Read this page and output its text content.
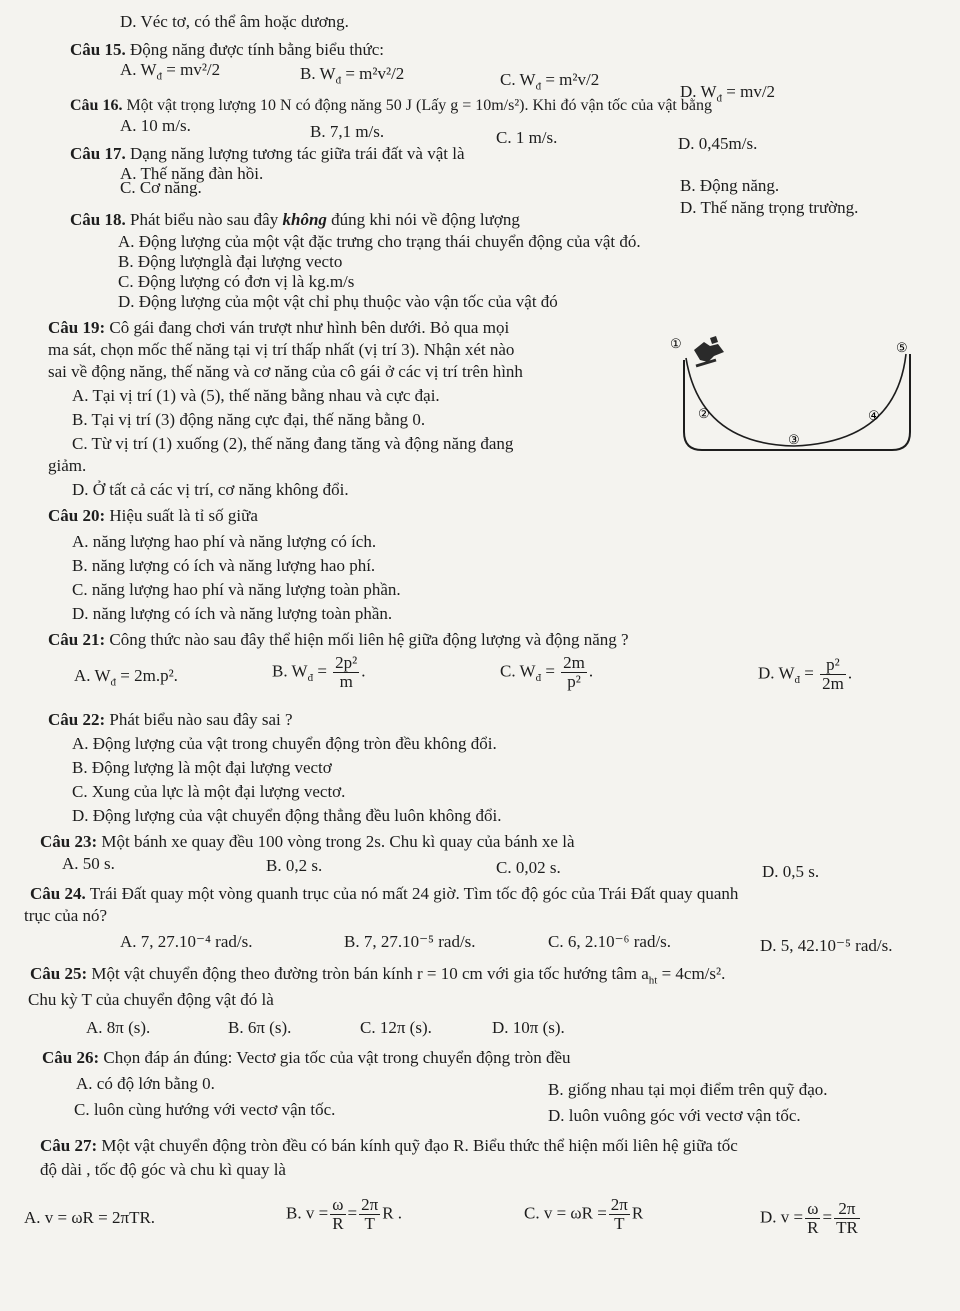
D. Véc tơ, có thể âm hoặc dương.
Câu 15. Động năng được tính bằng biểu thức:
A. $W_đ = mv^2/2$	B. $W_đ = m^2v^2/2$	C. $W_đ = m^2v/2$
D. $W_đ = mv/2$
Câu 16. Một vật trọng lượng 10 N có động năng 50 J (Lấy g = 10m/s²). Khi đó vận tốc của vật bằng
A. 10 m/s.	B. 7,1 m/s.	C. 1 m/s.	D. 0,45m/s.
Câu 17. Dạng năng lượng tương tác giữa trái đất và vật là
A. Thế năng đàn hồi.
B. Động năng.
C. Cơ năng.
D. Thế năng trọng trường.
Câu 18. Phát biểu nào sau đây không đúng khi nói về động lượng
A. Động lượng của một vật đặc trưng cho trạng thái chuyển động của vật đó.
B. Động lượnglà đại lượng vecto
C. Động lượng có đơn vị là kg.m/s
D. Động lượng của một vật chỉ phụ thuộc vào vận tốc của vật đó
Câu 19: Cô gái đang chơi ván trượt như hình bên dưới. Bỏ qua mọi
ma sát, chọn mốc thế năng tại vị trí thấp nhất (vị trí 3). Nhận xét nào
sai về động năng, thế năng và cơ năng của cô gái ở các vị trí trên hình
A. Tại vị trí (1) và (5), thế năng bằng nhau và cực đại.
B. Tại vị trí (3) động năng cực đại, thế năng bằng 0.
C. Từ vị trí (1) xuống (2), thế năng đang tăng và động năng đang
giảm.
D. Ở tất cả các vị trí, cơ năng không đổi.
①
②
③
④
⑤
Câu 20: Hiệu suất là tỉ số giữa
A. năng lượng hao phí và năng lượng có ích.
B. năng lượng có ích và năng lượng hao phí.
C. năng lượng hao phí và năng lượng toàn phần.
D. năng lượng có ích và năng lượng toàn phần.
Câu 21: Công thức nào sau đây thể hiện mối liên hệ giữa động lượng và động năng ?
A. $W_đ = 2m.p^2$.	B. $W_đ = \frac{\text{2p²}}{m}$ .	C. $W_đ = \frac{2m}{\text{p²}}$ .	D. $W_đ = \frac{\text{p²}}{2m}$ .
Câu 22: Phát biểu nào sau đây sai ?
A. Động lượng của vật trong chuyển động tròn đều không đổi.
B. Động lượng là một đại lượng vectơ
C. Xung của lực là một đại lượng vectơ.
D. Động lượng của vật chuyển động thẳng đều luôn không đổi.
Câu 23: Một bánh xe quay đều 100 vòng trong 2s. Chu kì quay của bánh xe là
A. 50 s.	B. 0,2 s.	C. 0,02 s.	D. 0,5 s.
Câu 24. Trái Đất quay một vòng quanh trục của nó mất 24 giờ. Tìm tốc độ góc của Trái Đất quay quanh
trục của nó?
A. 7, 27.10⁻⁴ rad/s.	B. 7, 27.10⁻⁵ rad/s.	C. 6, 2.10⁻⁶ rad/s.	D. 5, 42.10⁻⁵ rad/s.
Câu 25: Một vật chuyển động theo đường tròn bán kính r = 10 cm với gia tốc hướng tâm $a_{ht} = 4cm/s^2$.
Chu kỳ T của chuyển động vật đó là
A. 8π (s).	B. 6π (s).	C. 12π (s).	D. 10π (s).
Câu 26: Chọn đáp án đúng: Vectơ gia tốc của vật trong chuyển động tròn đều
A. có độ lớn bằng 0.	B. giống nhau tại mọi điểm trên quỹ đạo.
C. luôn cùng hướng với vectơ vận tốc.	D. luôn vuông góc với vectơ vận tốc.
Câu 27: Một vật chuyển động tròn đều có bán kính quỹ đạo R. Biểu thức thể hiện mối liên hệ giữa tốc
độ dài , tốc độ góc và chu kì quay là
A. v = ωR = 2πTR.	B. $v = \frac{\omega}{R} = \frac{2\pi}{T}$ R .	C. $v = \omega R = \frac{2\pi}{T}$ R	D. $v = \frac{\omega}{R} = \frac{2\pi}{TR}$
